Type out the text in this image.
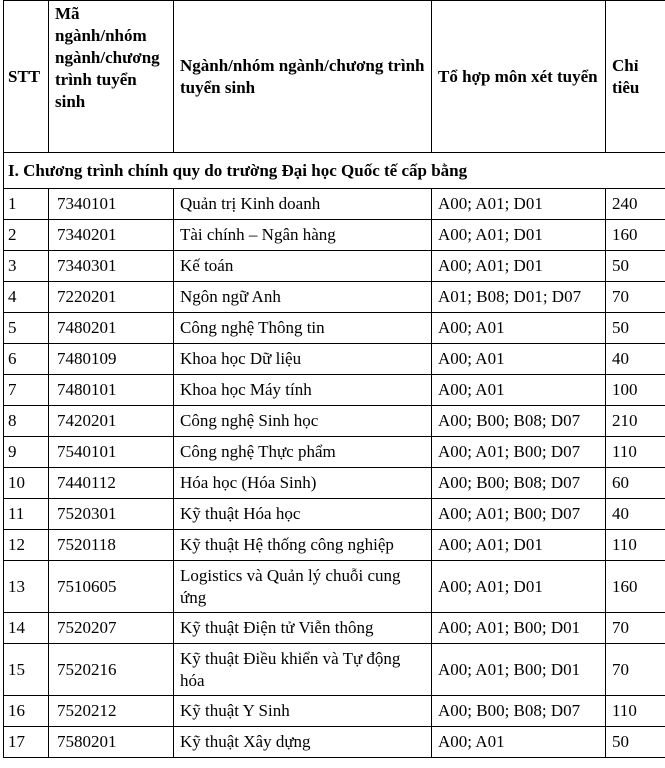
STT	Mã ngành/nhóm ngành/chương trình tuyển sinh	Ngành/nhóm ngành/chương trình tuyển sinh	Tổ hợp môn xét tuyển	Chỉ tiêu
I. Chương trình chính quy do trường Đại học Quốc tế cấp bằng				
1	7340101	Quản trị Kinh doanh	A00; A01; D01	240
2	7340201	Tài chính – Ngân hàng	A00; A01; D01	160
3	7340301	Kế toán	A00; A01; D01	50
4	7220201	Ngôn ngữ Anh	A01; B08; D01; D07	70
5	7480201	Công nghệ Thông tin	A00; A01	50
6	7480109	Khoa học Dữ liệu	A00; A01	40
7	7480101	Khoa học Máy tính	A00; A01	100
8	7420201	Công nghệ Sinh học	A00; B00; B08; D07	210
9	7540101	Công nghệ Thực phẩm	A00; A01; B00; D07	110
10	7440112	Hóa học (Hóa Sinh)	A00; B00; B08; D07	60
11	7520301	Kỹ thuật Hóa học	A00; A01; B00; D07	40
12	7520118	Kỹ thuật Hệ thống công nghiệp	A00; A01; D01	110
13	7510605	Logistics và Quản lý chuỗi cung ứng	A00; A01; D01	160
14	7520207	Kỹ thuật Điện tử Viễn thông	A00; A01; B00; D01	70
15	7520216	Kỹ thuật Điều khiển và Tự động hóa	A00; A01; B00; D01	70
16	7520212	Kỹ thuật Y Sinh	A00; B00; B08; D07	110
17	7580201	Kỹ thuật Xây dựng	A00; A01	50
